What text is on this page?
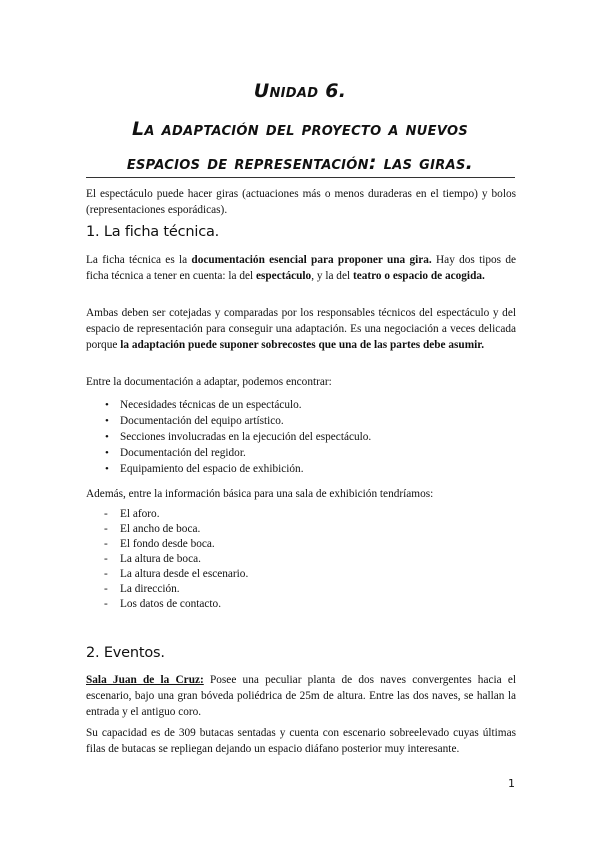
Unidad 6.
La adaptación del proyecto a nuevos
espacios de representación: las giras.
El espectáculo puede hacer giras (actuaciones más o menos duraderas en el tiempo) y bolos (representaciones esporádicas).
1. La ficha técnica.
La ficha técnica es la documentación esencial para proponer una gira. Hay dos tipos de ficha técnica a tener en cuenta: la del espectáculo, y la del teatro o espacio de acogida.
Ambas deben ser cotejadas y comparadas por los responsables técnicos del espectáculo y del espacio de representación para conseguir una adaptación. Es una negociación a veces delicada porque la adaptación puede suponer sobrecostes que una de las partes debe asumir.
Entre la documentación a adaptar, podemos encontrar:
• Necesidades técnicas de un espectáculo.
• Documentación del equipo artístico.
• Secciones involucradas en la ejecución del espectáculo.
• Documentación del regidor.
• Equipamiento del espacio de exhibición.
Además, entre la información básica para una sala de exhibición tendríamos:
- El aforo.
- El ancho de boca.
- El fondo desde boca.
- La altura de boca.
- La altura desde el escenario.
- La dirección.
- Los datos de contacto.
2. Eventos.
Sala Juan de la Cruz: Posee una peculiar planta de dos naves convergentes hacia el escenario, bajo una gran bóveda poliédrica de 25m de altura. Entre las dos naves, se hallan la entrada y el antiguo coro.
Su capacidad es de 309 butacas sentadas y cuenta con escenario sobreelevado cuyas últimas filas de butacas se repliegan dejando un espacio diáfano posterior muy interesante.
1
